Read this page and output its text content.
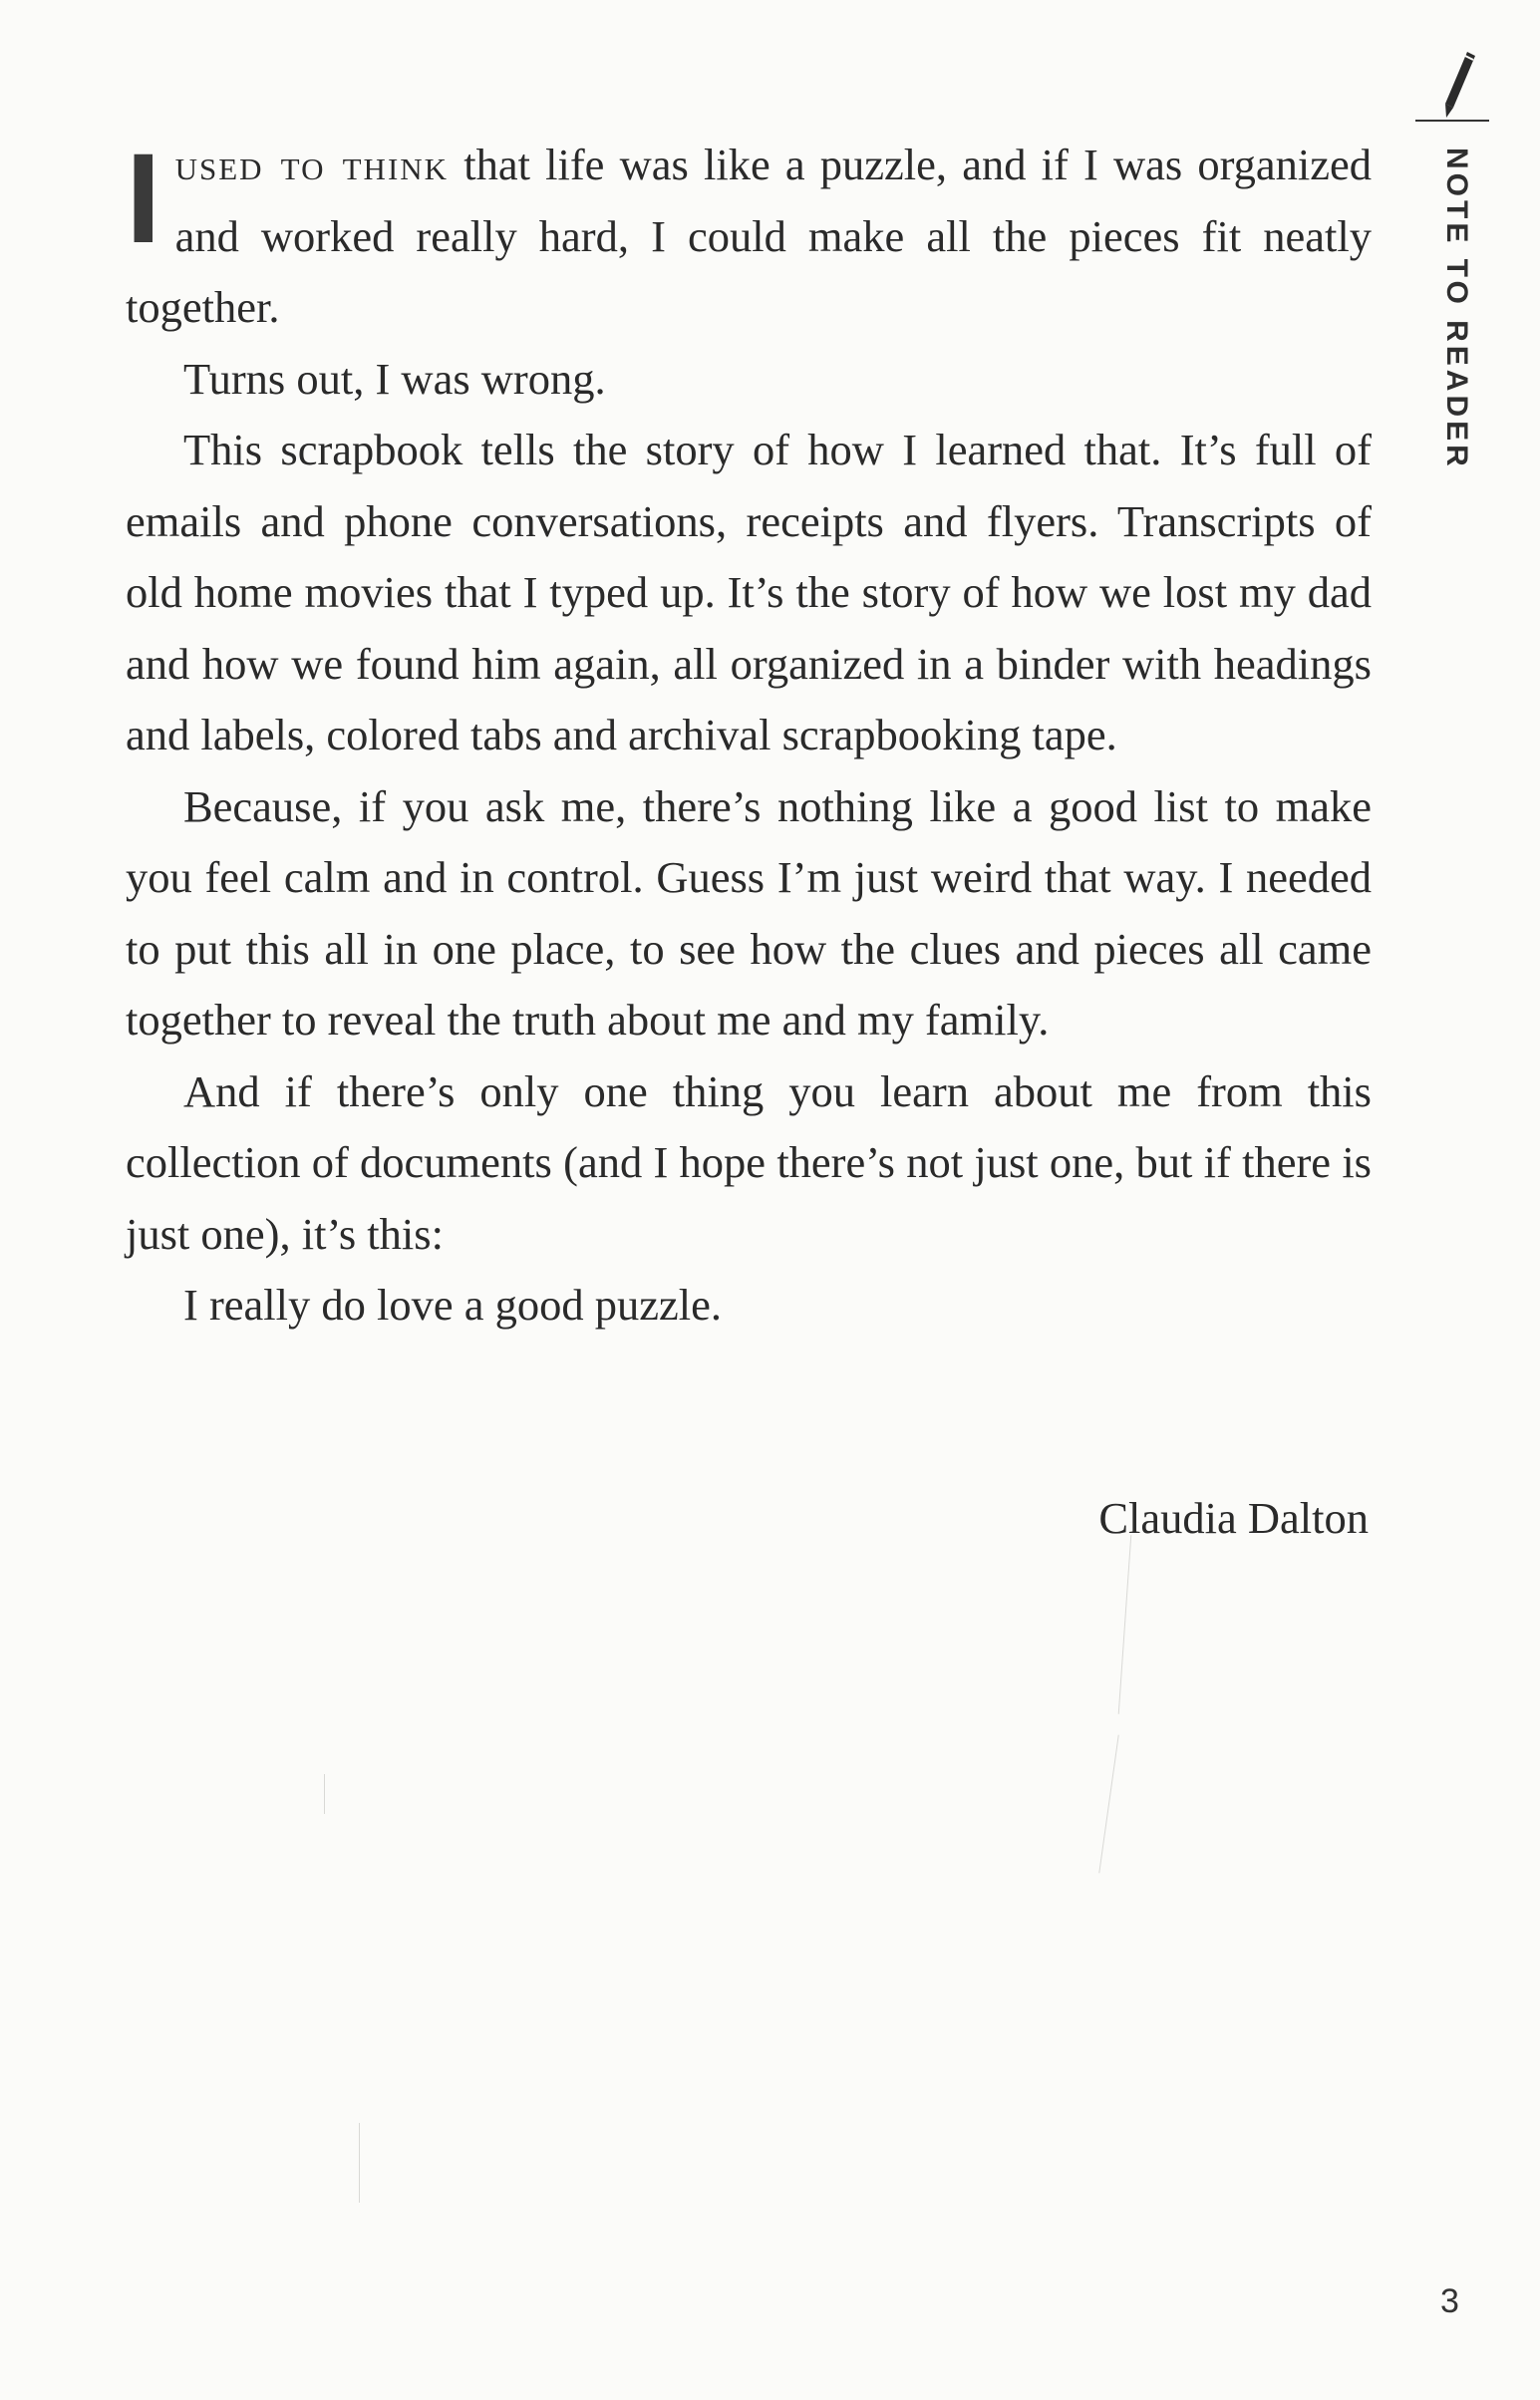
Iused to think that life was like a puzzle, and if I was organized and worked really hard, I could make all the pieces fit neatly together.

Turns out, I was wrong.

This scrapbook tells the story of how I learned that. It’s full of emails and phone conversations, receipts and flyers. Transcripts of old home movies that I typed up. It’s the story of how we lost my dad and how we found him again, all organized in a binder with headings and labels, colored tabs and archival scrapbooking tape.

Because, if you ask me, there’s nothing like a good list to make you feel calm and in control. Guess I’m just weird that way. I needed to put this all in one place, to see how the clues and pieces all came together to reveal the truth about me and my family.

And if there’s only one thing you learn about me from this collection of documents (and I hope there’s not just one, but if there is just one), it’s this:

I really do love a good puzzle.

Claudia Dalton
NOTE TO READER
3
